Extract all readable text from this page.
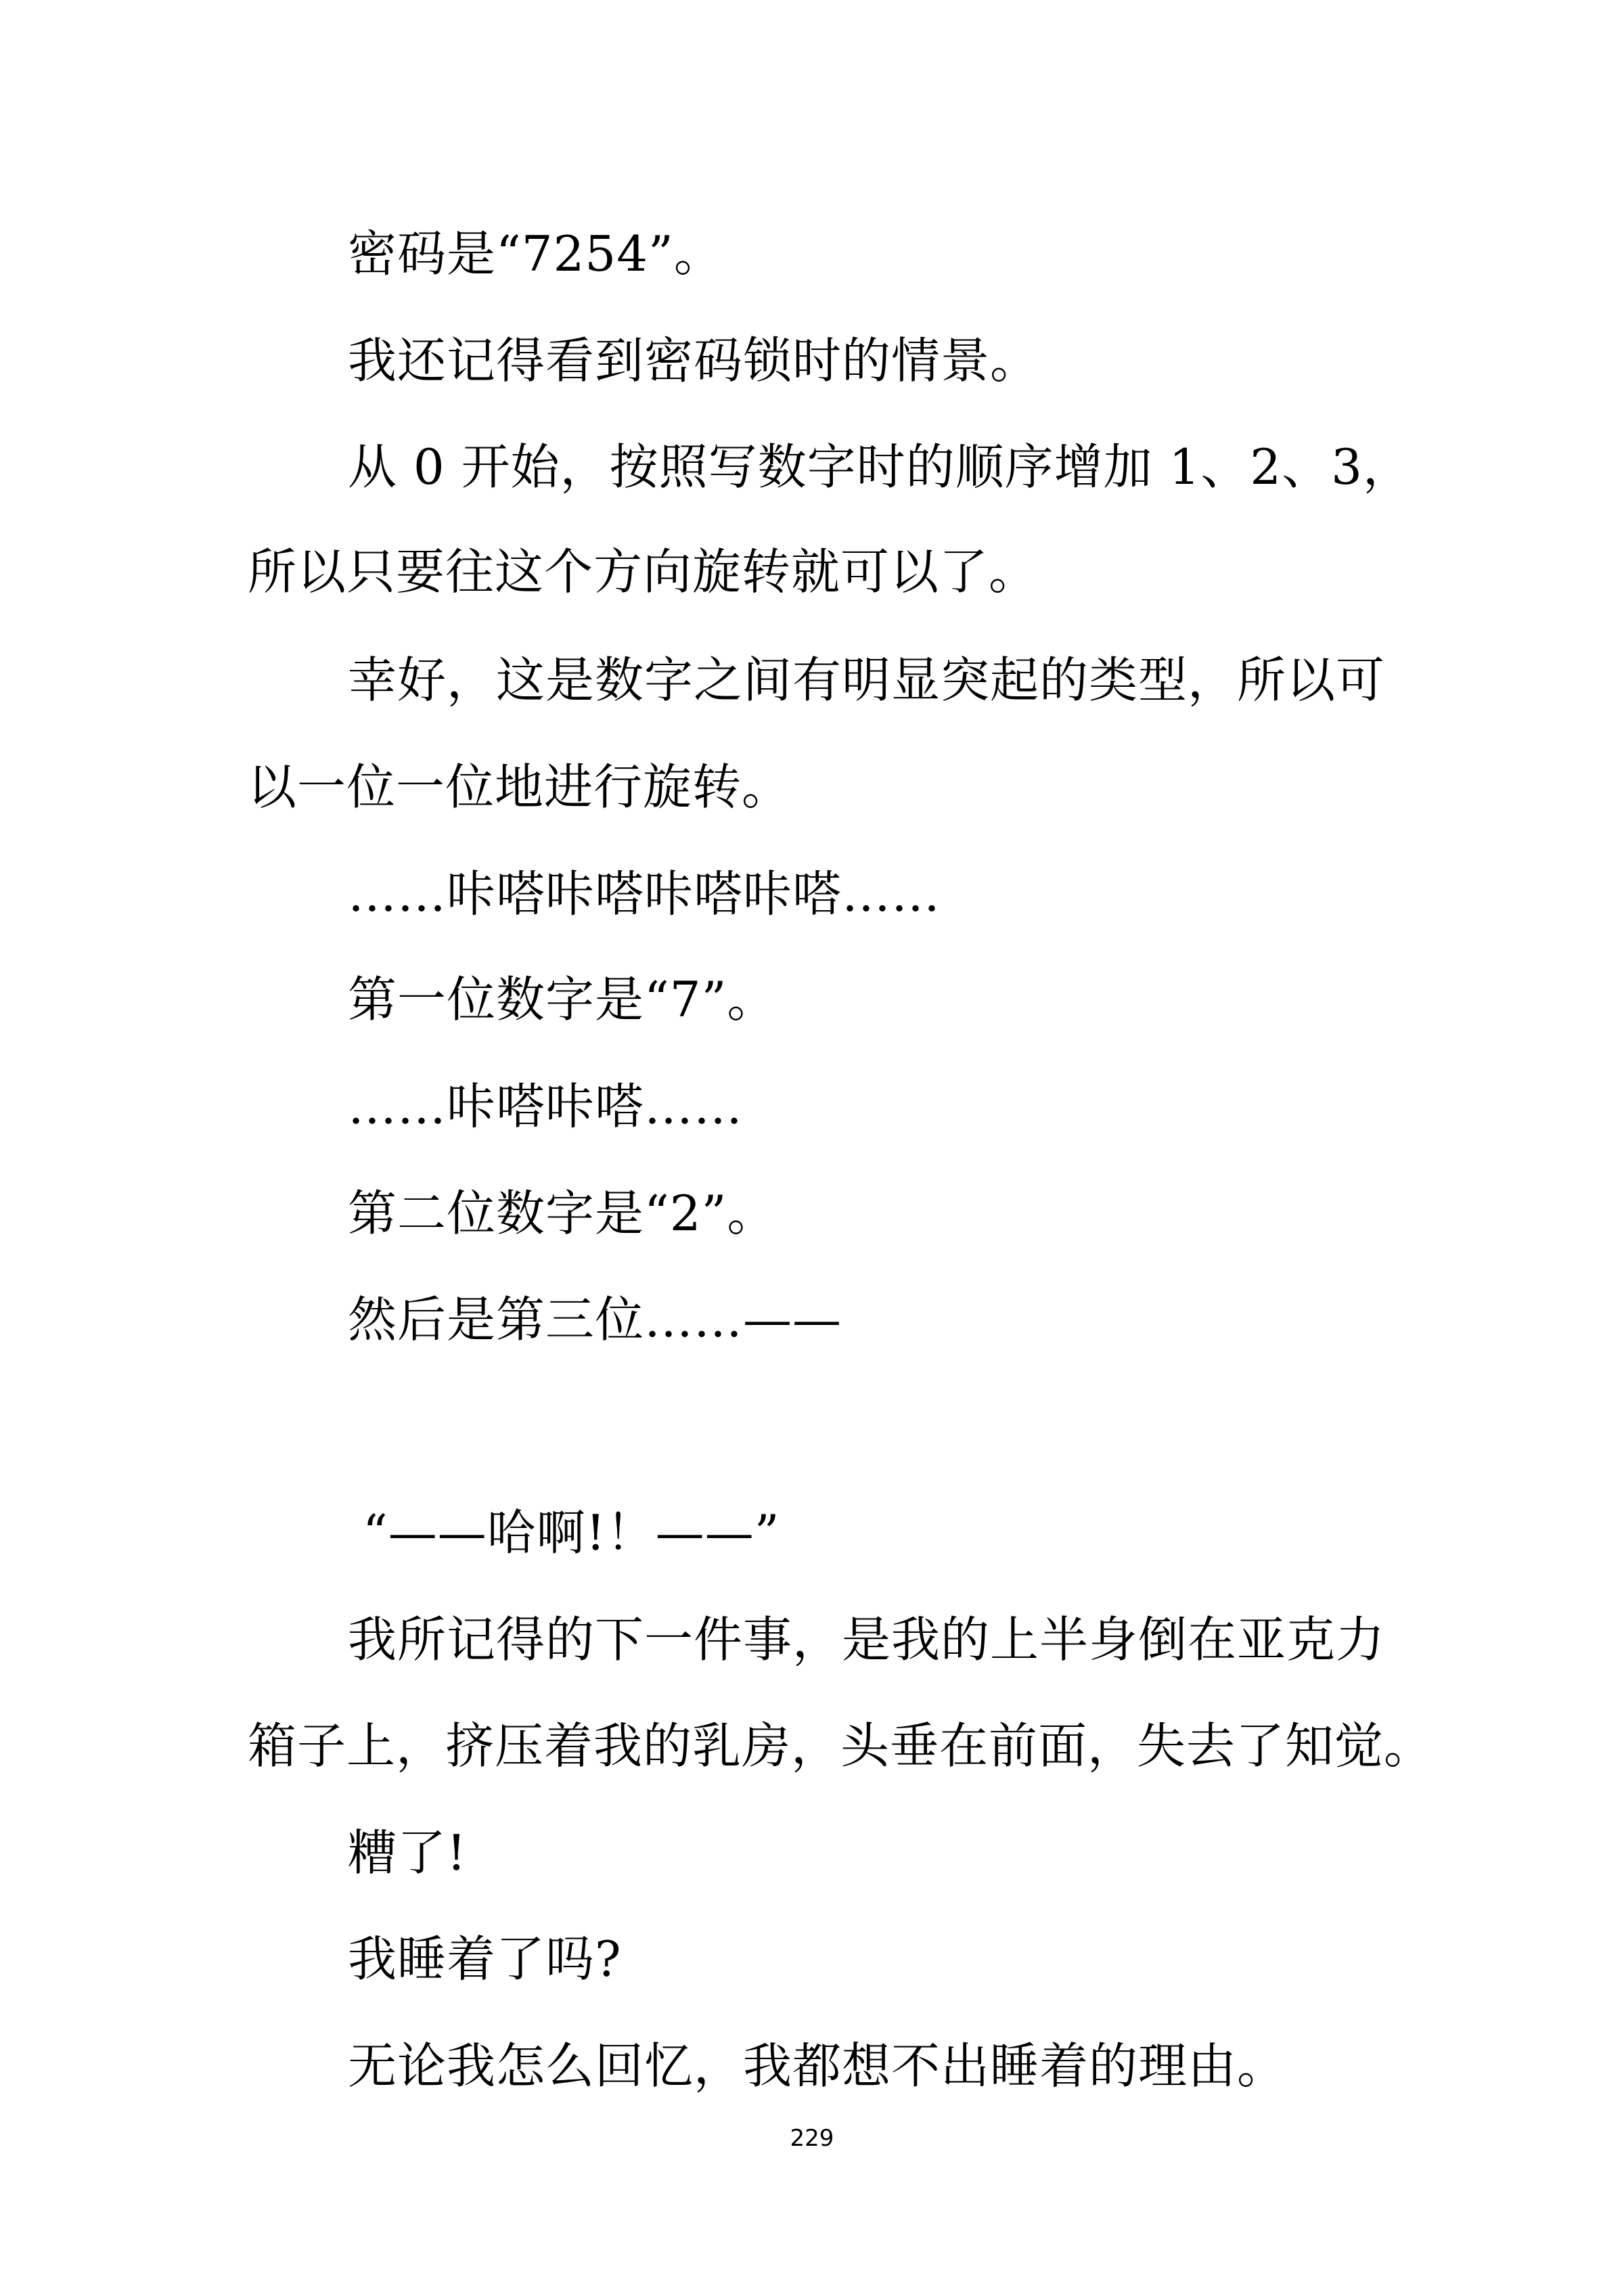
密码是“7254”。
我还记得看到密码锁时的情景。
从 0 开始，按照写数字时的顺序增加 1、2、3，
所以只要往这个方向旋转就可以了。
幸好，这是数字之间有明显突起的类型，所以可
以一位一位地进行旋转。
……咔嗒咔嗒咔嗒咔嗒……
第一位数字是“7”。
……咔嗒咔嗒……
第二位数字是“2”。
然后是第三位……——
“——哈啊!！——”
我所记得的下一件事，是我的上半身倒在亚克力
箱子上，挤压着我的乳房，头垂在前面，失去了知觉。
糟了!
我睡着了吗?
无论我怎么回忆，我都想不出睡着的理由。
229
